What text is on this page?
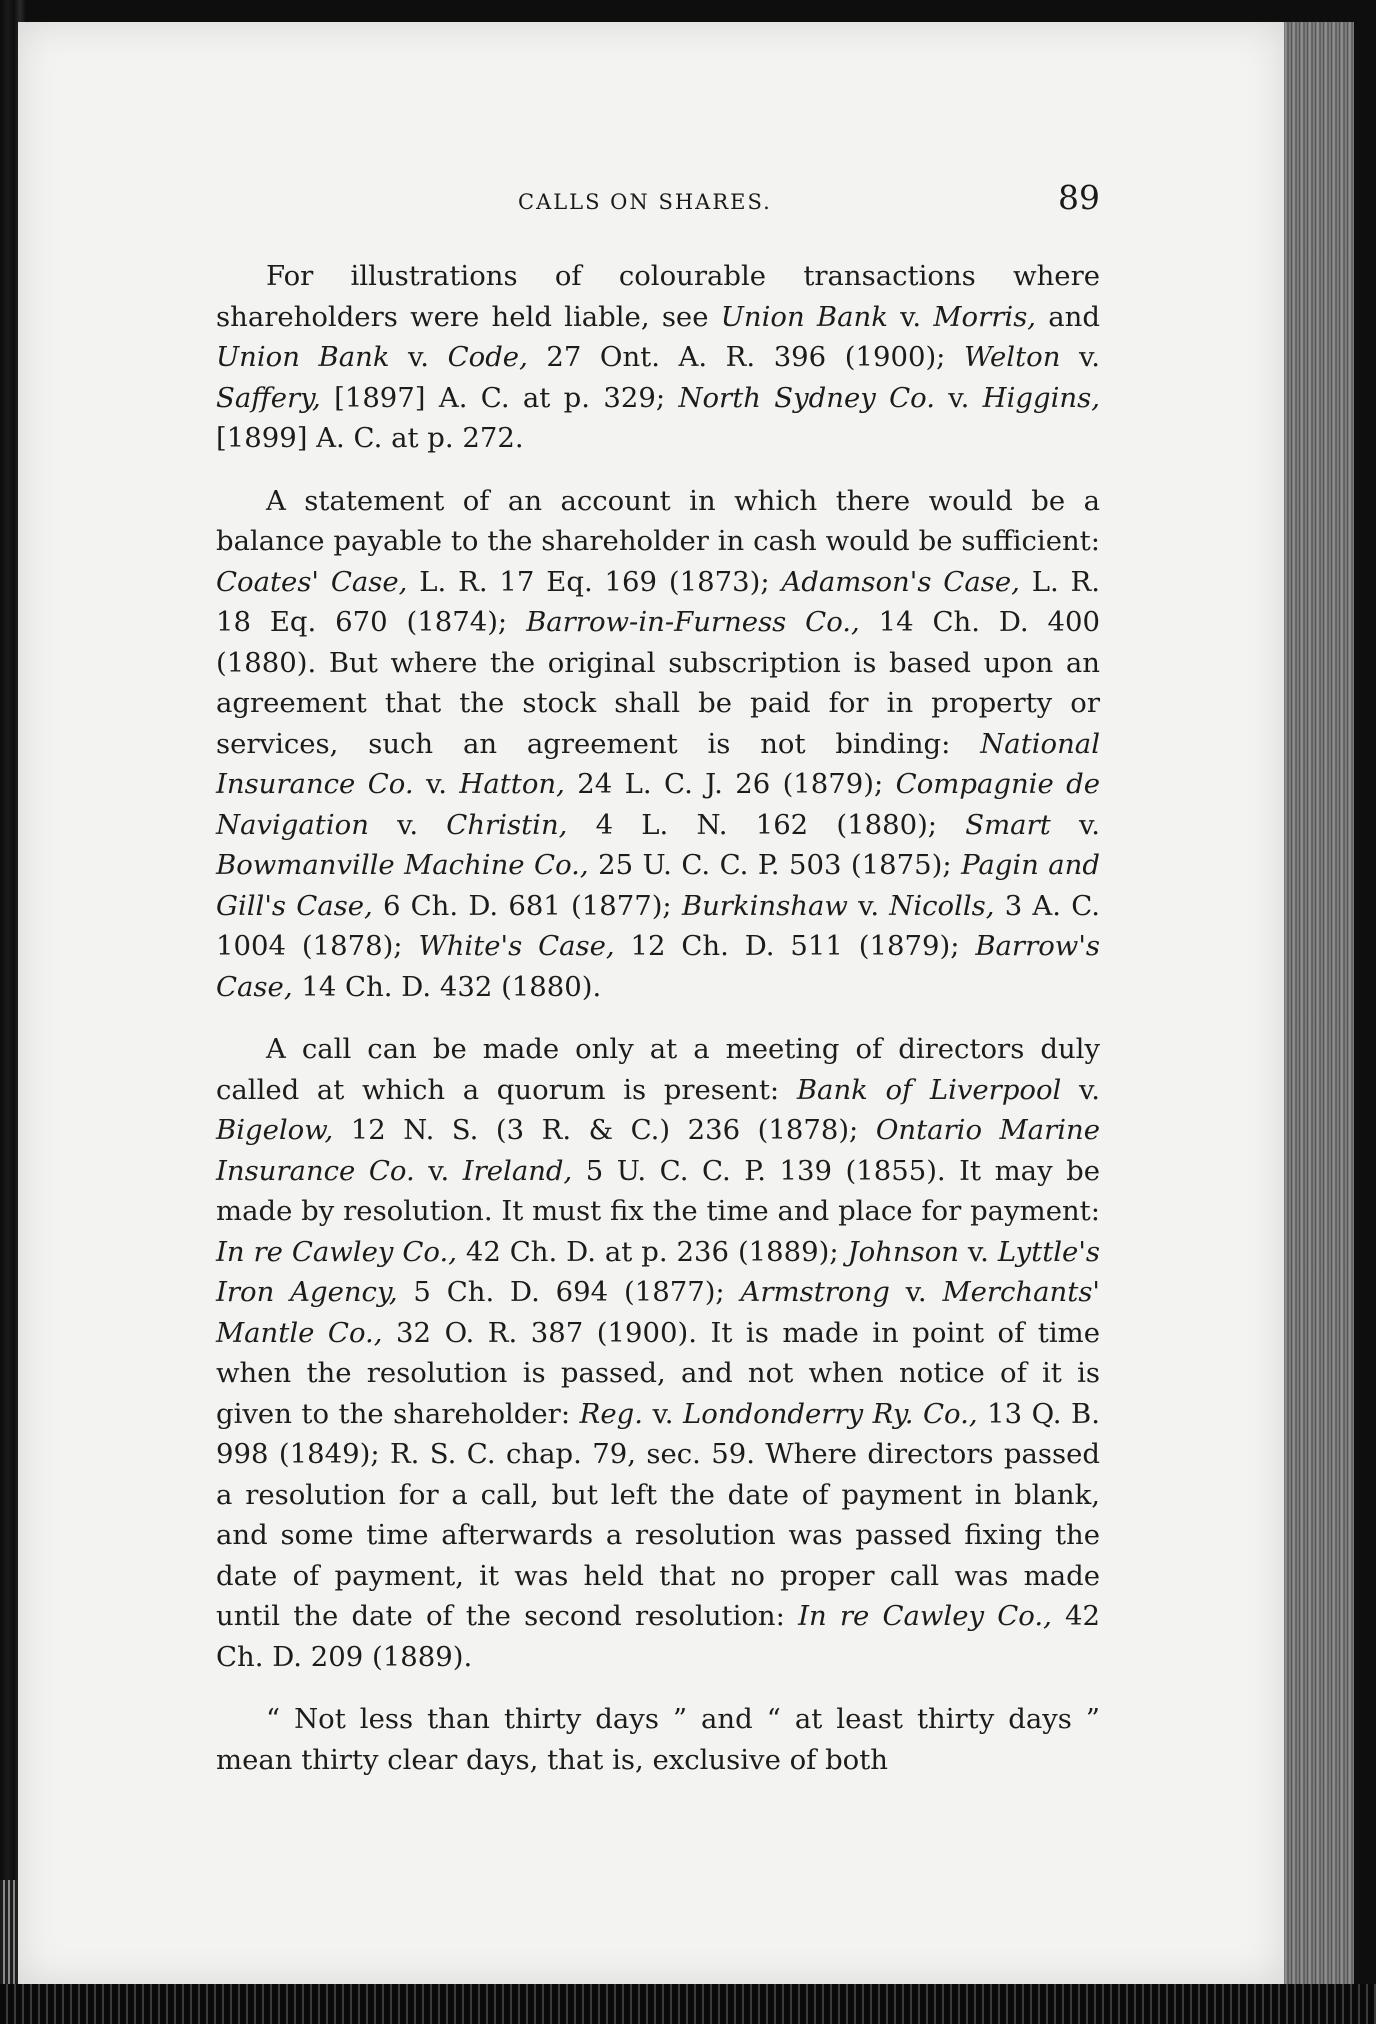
CALLS ON SHARES.	89

For illustrations of colourable transactions where shareholders were held liable, see Union Bank v. Morris, and Union Bank v. Code, 27 Ont. A. R. 396 (1900); Welton v. Saffery, [1897] A. C. at p. 329; North Sydney Co. v. Higgins, [1899] A. C. at p. 272.

A statement of an account in which there would be a balance payable to the shareholder in cash would be sufficient: Coates' Case, L. R. 17 Eq. 169 (1873); Adamson's Case, L. R. 18 Eq. 670 (1874); Barrow-in-Furness Co., 14 Ch. D. 400 (1880). But where the original subscription is based upon an agreement that the stock shall be paid for in property or services, such an agreement is not binding: National Insurance Co. v. Hatton, 24 L. C. J. 26 (1879); Compagnie de Navigation v. Christin, 4 L. N. 162 (1880); Smart v. Bowmanville Machine Co., 25 U. C. C. P. 503 (1875); Pagin and Gill's Case, 6 Ch. D. 681 (1877); Burkinshaw v. Nicolls, 3 A. C. 1004 (1878); White's Case, 12 Ch. D. 511 (1879); Barrow's Case, 14 Ch. D. 432 (1880).

A call can be made only at a meeting of directors duly called at which a quorum is present: Bank of Liverpool v. Bigelow, 12 N. S. (3 R. & C.) 236 (1878); Ontario Marine Insurance Co. v. Ireland, 5 U. C. C. P. 139 (1855). It may be made by resolution. It must fix the time and place for payment: In re Cawley Co., 42 Ch. D. at p. 236 (1889); Johnson v. Lyttle's Iron Agency, 5 Ch. D. 694 (1877); Armstrong v. Merchants' Mantle Co., 32 O. R. 387 (1900). It is made in point of time when the resolution is passed, and not when notice of it is given to the shareholder: Reg. v. Londonderry Ry. Co., 13 Q. B. 998 (1849); R. S. C. chap. 79, sec. 59. Where directors passed a resolution for a call, but left the date of payment in blank, and some time afterwards a resolution was passed fixing the date of payment, it was held that no proper call was made until the date of the second resolution: In re Cawley Co., 42 Ch. D. 209 (1889).

“ Not less than thirty days ” and “ at least thirty days ” mean thirty clear days, that is, exclusive of both
